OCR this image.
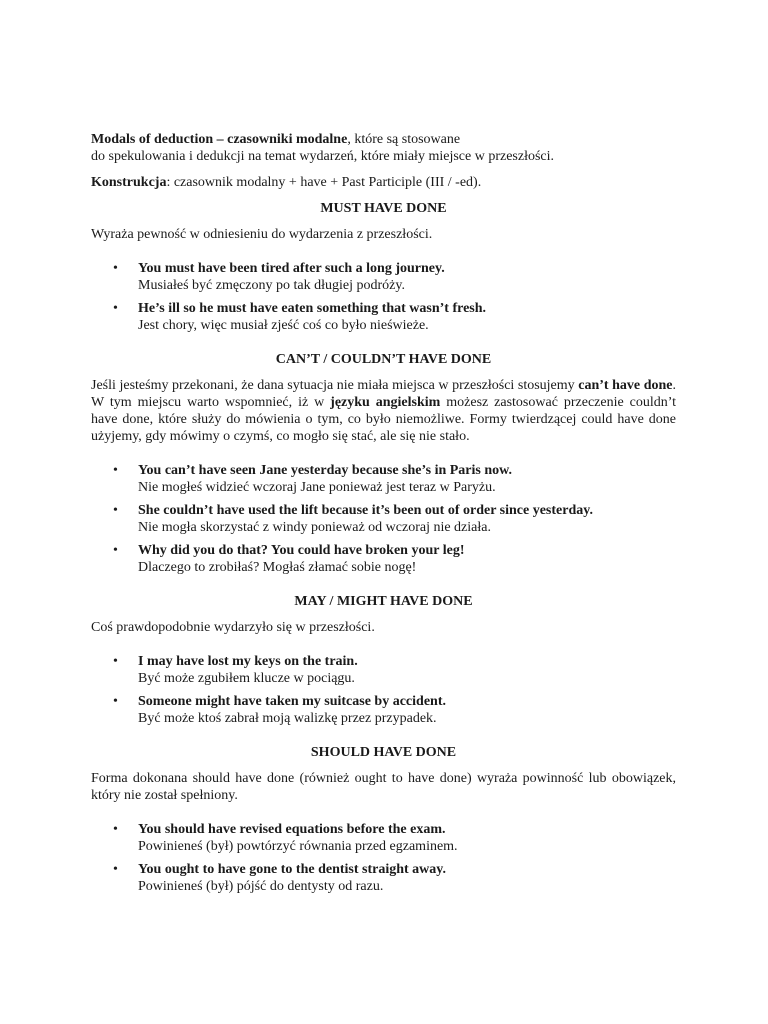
Modals of deduction – czasowniki modalne, które są stosowane
do spekulowania i dedukcji na temat wydarzeń, które miały miejsce w przeszłości.

Konstrukcja: czasownik modalny + have + Past Participle (III / -ed).

MUST HAVE DONE

Wyraża pewność w odniesieniu do wydarzenia z przeszłości.

• You must have been tired after such a long journey.
Musiałeś być zmęczony po tak długiej podróży.
• He’s ill so he must have eaten something that wasn’t fresh.
Jest chory, więc musiał zjeść coś co było nieświeże.
CAN’T / COULDN’T HAVE DONE

Jeśli jesteśmy przekonani, że dana sytuacja nie miała miejsca w przeszłości stosujemy can’t have done. W tym miejscu warto wspomnieć, iż w języku angielskim możesz zastosować przeczenie couldn’t have done, które służy do mówienia o tym, co było niemożliwe. Formy twierdzącej could have done użyjemy, gdy mówimy o czymś, co mogło się stać, ale się nie stało.

• You can’t have seen Jane yesterday because she’s in Paris now.
Nie mogłeś widzieć wczoraj Jane ponieważ jest teraz w Paryżu.
• She couldn’t have used the lift because it’s been out of order since yesterday.
Nie mogła skorzystać z windy ponieważ od wczoraj nie działa.
• Why did you do that? You could have broken your leg!
Dlaczego to zrobiłaś? Mogłaś złamać sobie nogę!
MAY / MIGHT HAVE DONE

Coś prawdopodobnie wydarzyło się w przeszłości.

• I may have lost my keys on the train.
Być może zgubiłem klucze w pociągu.
• Someone might have taken my suitcase by accident.
Być może ktoś zabrał moją walizkę przez przypadek.
SHOULD HAVE DONE

Forma dokonana should have done (również ought to have done) wyraża powinność lub obowiązek, który nie został spełniony.

• You should have revised equations before the exam.
Powinieneś (był) powtórzyć równania przed egzaminem.
• You ought to have gone to the dentist straight away.
Powinieneś (był) pójść do dentysty od razu.
